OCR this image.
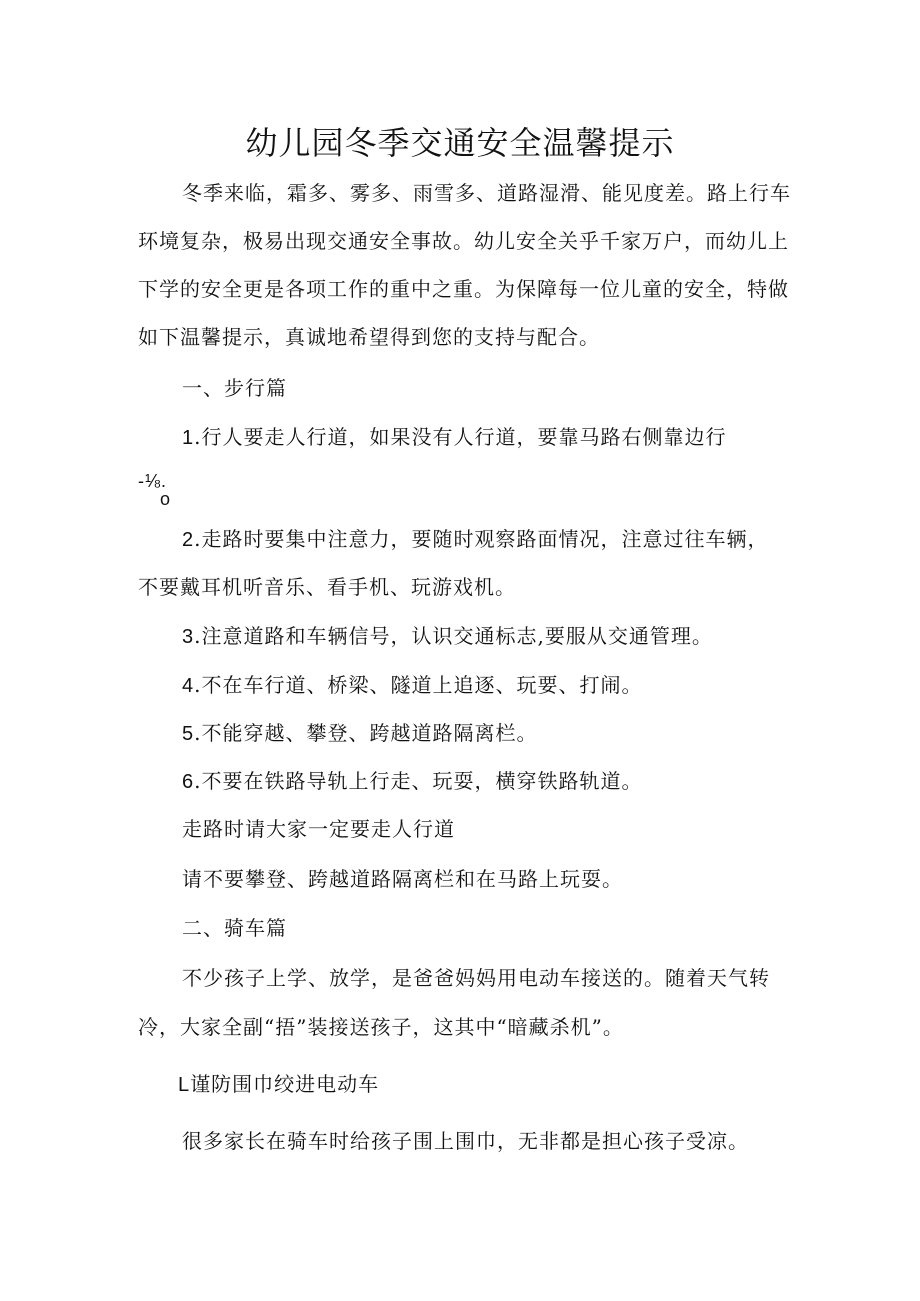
幼儿园冬季交通安全温馨提示
冬季来临，霜多、雾多、雨雪多、道路湿滑、能见度差。路上行车
环境复杂，极易出现交通安全事故。幼儿安全关乎千家万户，而幼儿上
下学的安全更是各项工作的重中之重。为保障每一位儿童的安全，特做
如下温馨提示，真诚地希望得到您的支持与配合。
一、步行篇
1.行人要走人行道，如果没有人行道，要靠马路右侧靠边行
-⅛.
o
2.走路时要集中注意力，要随时观察路面情况，注意过往车辆，
不要戴耳机听音乐、看手机、玩游戏机。
3.注意道路和车辆信号，认识交通标志,要服从交通管理。
4.不在车行道、桥梁、隧道上追逐、玩要、打闹。
5.不能穿越、攀登、跨越道路隔离栏。
6.不要在铁路导轨上行走、玩耍，横穿铁路轨道。
走路时请大家一定要走人行道
请不要攀登、跨越道路隔离栏和在马路上玩耍。
二、骑车篇
不少孩子上学、放学，是爸爸妈妈用电动车接送的。随着天气转
冷，大家全副“捂”装接送孩子，这其中“暗藏杀机”。
L谨防围巾绞进电动车
很多家长在骑车时给孩子围上围巾，无非都是担心孩子受凉。
